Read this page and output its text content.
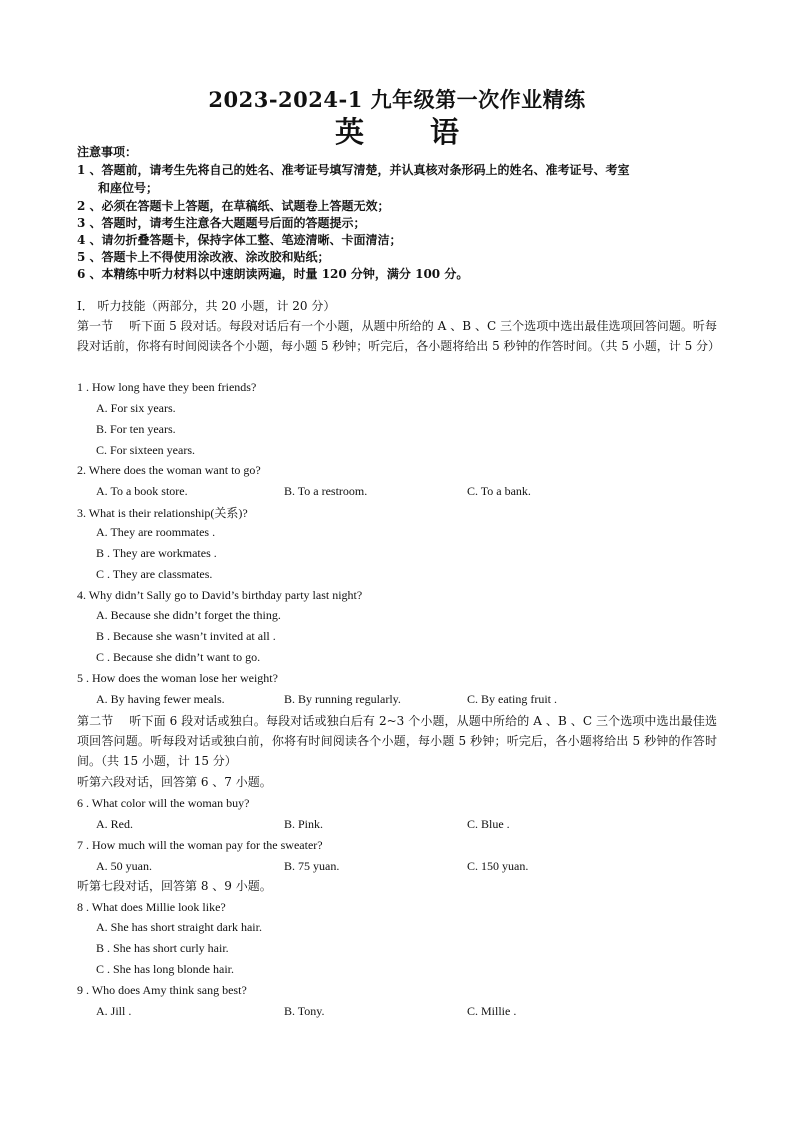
2023-2024-1 九年级第一次作业精练
英 语
注意事项：
1 、答题前，请考生先将自己的姓名、准考证号填写清楚，并认真核对条形码上的姓名、准考证号、考室
和座位号；
2 、必须在答题卡上答题，在草稿纸、试题卷上答题无效；
3 、答题时，请考生注意各大题题号后面的答题提示；
4 、请勿折叠答题卡，保持字体工整、笔迹清晰、卡面清洁；
5 、答题卡上不得使用涂改液、涂改胶和贴纸；
6 、本精练中听力材料以中速朗读两遍，时量 120 分钟，满分 100 分。
I． 听力技能（两部分，共 20 小题，计 20 分）
第一节　 听下面 5 段对话。每段对话后有一个小题，从题中所给的 A 、B 、C 三个选项中选出最佳选项回答问题。听每段对话前，你将有时间阅读各个小题，每小题 5 秒钟；听完后，各小题将给出 5 秒钟的作答时间。（共 5 小题，计 5 分）
1 . How long have they been friends?
A. For six years.
B. For ten years.
C. For sixteen years.
2. Where does the woman want to go?
A. To a book store.	B. To a restroom.	C. To a bank.
3. What is their relationship(关系)?
A. They are roommates .
B . They are workmates .
C . They are classmates.
4. Why didn’t Sally go to David’s birthday party last night?
A. Because she didn’t forget the thing.
B . Because she wasn’t invited at all .
C . Because she didn’t want to go.
5 . How does the woman lose her weight?
A. By having fewer meals.	B. By running regularly.	C. By eating fruit .
第二节　 听下面 6 段对话或独白。每段对话或独白后有 2~3 个小题，从题中所给的 A 、B 、C 三个选项中选出最佳选项回答问题。听每段对话或独白前，你将有时间阅读各个小题，每小题 5 秒钟；听完后，各小题将给出 5 秒钟的作答时间。（共 15 小题，计 15 分）
听第六段对话，回答第 6 、7 小题。
6 . What color will the woman buy?
A. Red.	B. Pink.	C. Blue .
7 . How much will the woman pay for the sweater?
A. 50 yuan.	B. 75 yuan.	C. 150 yuan.
听第七段对话，回答第 8 、9 小题。
8 . What does Millie look like?
A. She has short straight dark hair.
B . She has short curly hair.
C . She has long blonde hair.
9 . Who does Amy think sang best?
A. Jill .	B. Tony.	C. Millie .
